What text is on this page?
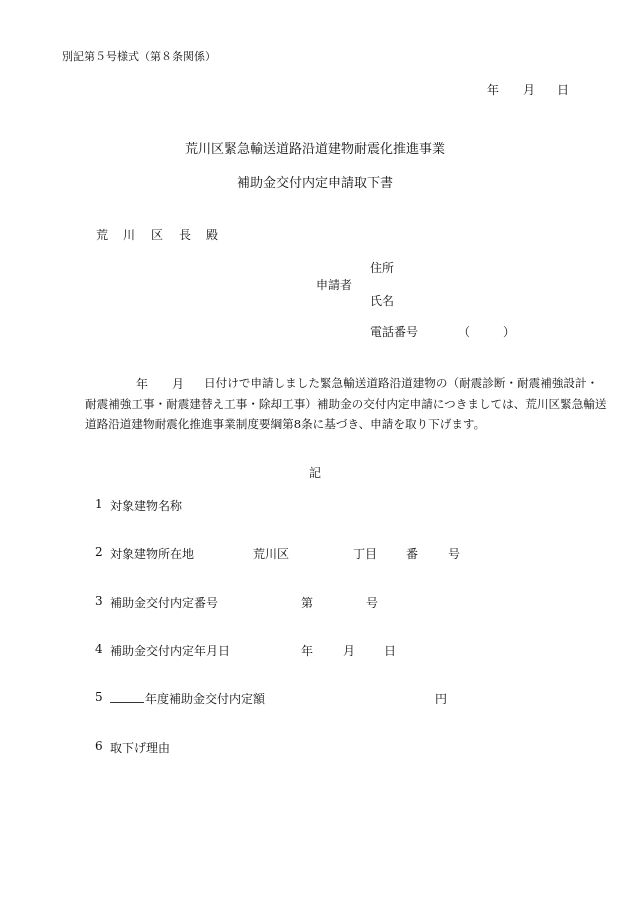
別記第５号様式（第８条関係）
年 月 日
荒川区緊急輸送道路沿道建物耐震化推進事業
補助金交付内定申請取下書
荒 川 区 長 殿
申請者
住所
氏名
電話番号	（	）
年 月 日付けで申請しました緊急輸送道路沿道建物の（耐震診断・耐震補強設計・
耐震補強工事・耐震建替え工事・除却工事）補助金の交付内定申請につきましては、荒川区緊急輸送
道路沿道建物耐震化推進事業制度要綱第8条に基づき、申請を取り下げます。
記
1 対象建物名称
2 対象建物所在地	荒川区	丁目 番 号
3 補助金交付内定番号	第	号
4 補助金交付内定年月日	年 月 日
5	年度補助金交付内定額	円
6 取下げ理由
